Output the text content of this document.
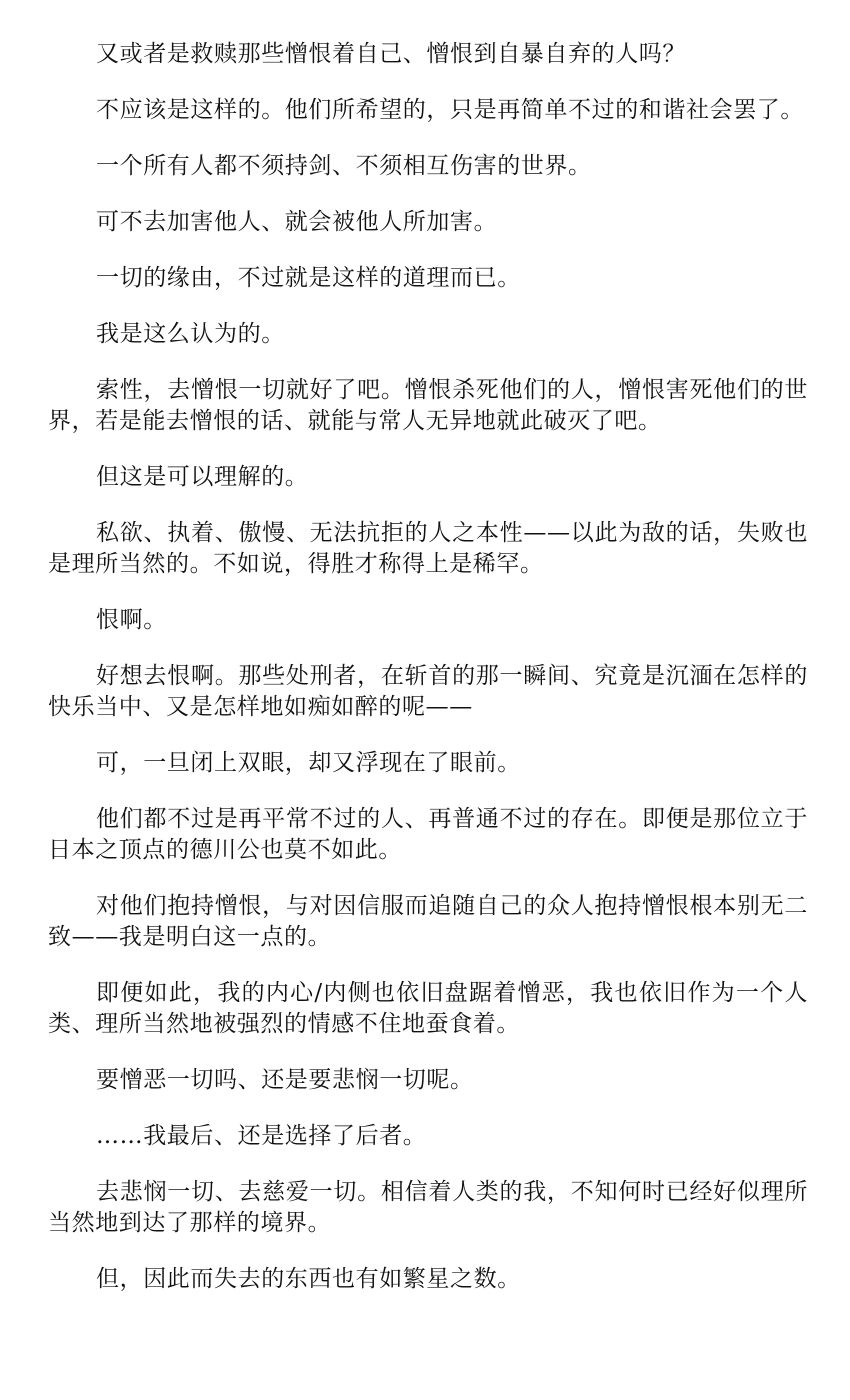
又或者是救赎那些憎恨着自己、憎恨到自暴自弃的人吗？

不应该是这样的。他们所希望的，只是再简单不过的和谐社会罢了。

一个所有人都不须持剑、不须相互伤害的世界。

可不去加害他人、就会被他人所加害。

一切的缘由，不过就是这样的道理而已。

我是这么认为的。

索性，去憎恨一切就好了吧。憎恨杀死他们的人，憎恨害死他们的世界，若是能去憎恨的话、就能与常人无异地就此破灭了吧。

但这是可以理解的。

私欲、执着、傲慢、无法抗拒的人之本性——以此为敌的话，失败也是理所当然的。不如说，得胜才称得上是稀罕。

恨啊。

好想去恨啊。那些处刑者，在斩首的那一瞬间、究竟是沉湎在怎样的快乐当中、又是怎样地如痴如醉的呢——

可，一旦闭上双眼，却又浮现在了眼前。

他们都不过是再平常不过的人、再普通不过的存在。即便是那位立于日本之顶点的德川公也莫不如此。

对他们抱持憎恨，与对因信服而追随自己的众人抱持憎恨根本别无二致——我是明白这一点的。

即便如此，我的内心/内侧也依旧盘踞着憎恶，我也依旧作为一个人类、理所当然地被强烈的情感不住地蚕食着。

要憎恶一切吗、还是要悲悯一切呢。

……我最后、还是选择了后者。

去悲悯一切、去慈爱一切。相信着人类的我，不知何时已经好似理所当然地到达了那样的境界。

但，因此而失去的东西也有如繁星之数。
